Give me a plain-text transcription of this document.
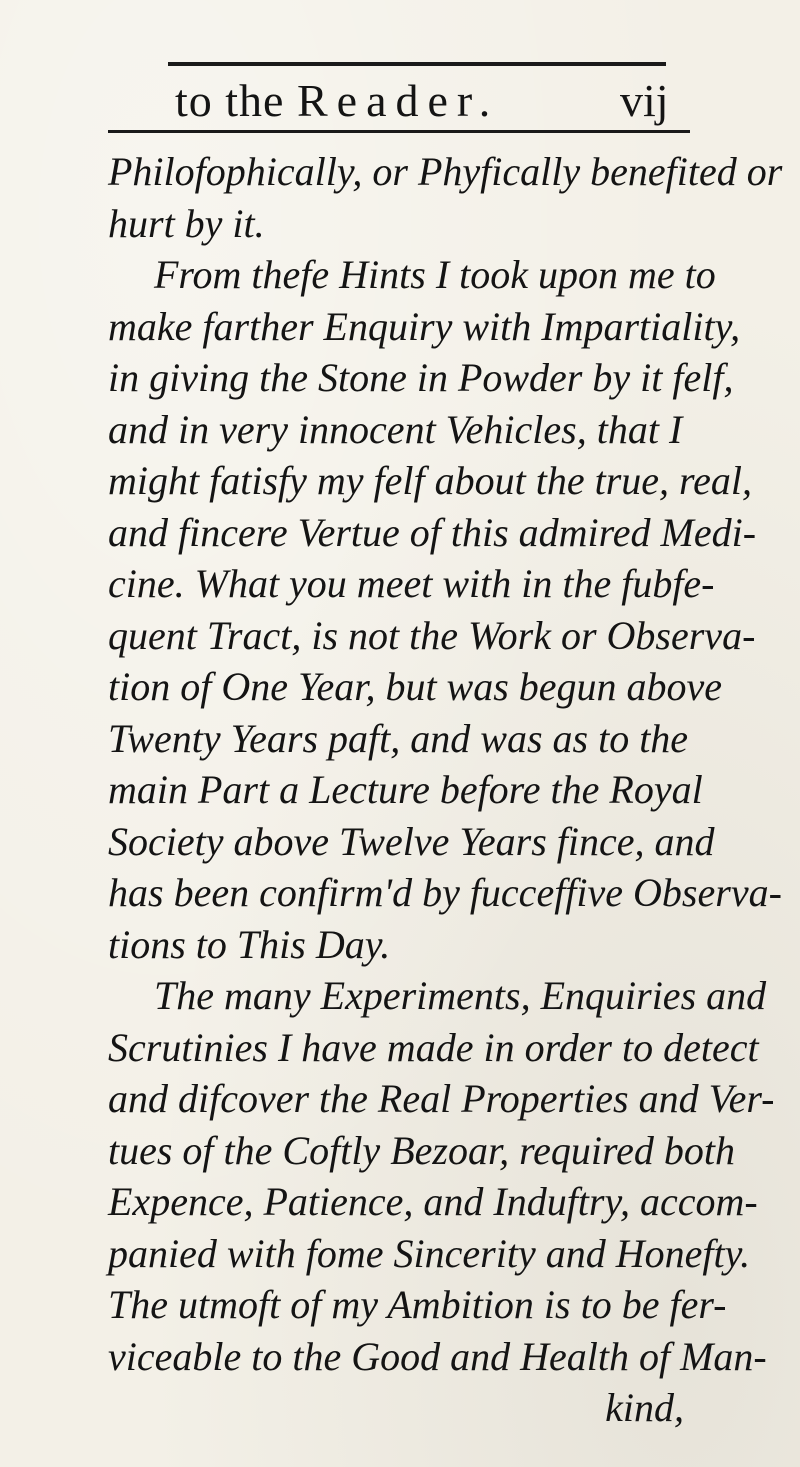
to the Reader.	vij
Philofophically, or Phyfically benefited or
hurt by it.
From thefe Hints I took upon me to
make farther Enquiry with Impartiality,
in giving the Stone in Powder by it felf,
and in very innocent Vehicles, that I
might fatisfy my felf about the true, real,
and fincere Vertue of this admired Medi-
cine. What you meet with in the fubfe-
quent Tract, is not the Work or Observa-
tion of One Year, but was begun above
Twenty Years paft, and was as to the
main Part a Lecture before the Royal
Society above Twelve Years fince, and
has been confirm'd by fucceffive Observa-
tions to This Day.
The many Experiments, Enquiries and
Scrutinies I have made in order to detect
and difcover the Real Properties and Ver-
tues of the Coftly Bezoar, required both
Expence, Patience, and Induftry, accom-
panied with fome Sincerity and Honefty.
The utmoft of my Ambition is to be fer-
viceable to the Good and Health of Man-
kind,
